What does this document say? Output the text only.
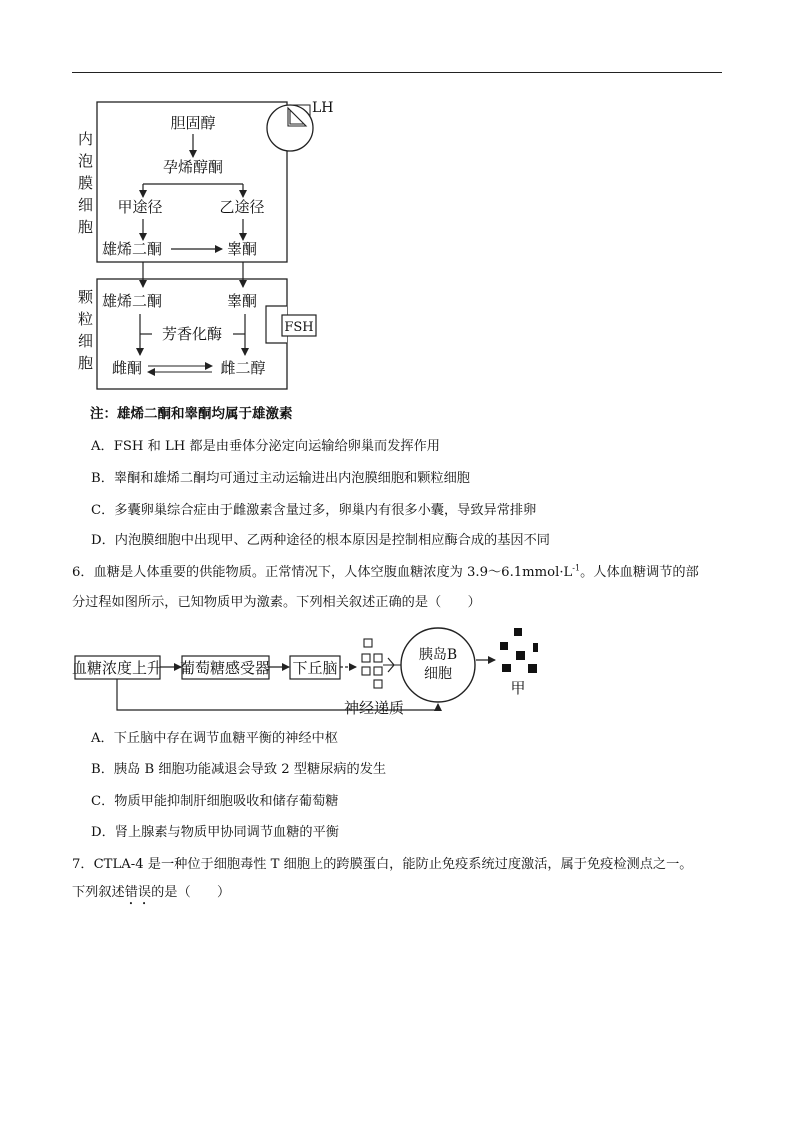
内
泡
膜
细
胞
颗
粒
细
胞
LH
胆固醇
孕烯醇酮
甲途径	乙途径
雄烯二酮	睾酮
雄烯二酮	睾酮
FSH
芳香化酶
雌酮	雌二醇
注：雄烯二酮和睾酮均属于雄激素
A．FSH 和 LH 都是由垂体分泌定向运输给卵巢而发挥作用
B．睾酮和雄烯二酮均可通过主动运输进出内泡膜细胞和颗粒细胞
C．多囊卵巢综合症由于雌激素含量过多，卵巢内有很多小囊，导致异常排卵
D．内泡膜细胞中出现甲、乙两种途径的根本原因是控制相应酶合成的基因不同
6．血糖是人体重要的供能物质。正常情况下，人体空腹血糖浓度为 $3.9\sim 6.1mmol\cdot L^{-1}$。人体血糖调节的部
分过程如图所示，已知物质甲为激素。下列相关叙述正确的是（　　）
血糖浓度上升 葡萄糖感受器 下丘脑
神经递质
胰岛B
细胞
甲
A．下丘脑中存在调节血糖平衡的神经中枢
B．胰岛 B 细胞功能减退会导致 2 型糖尿病的发生
C．物质甲能抑制肝细胞吸收和储存葡萄糖
D．肾上腺素与物质甲协同调节血糖的平衡
7．CTLA-4 是一种位于细胞毒性 T 细胞上的跨膜蛋白，能防止免疫系统过度激活，属于免疫检测点之一。
下列叙述错误的是（　　）
